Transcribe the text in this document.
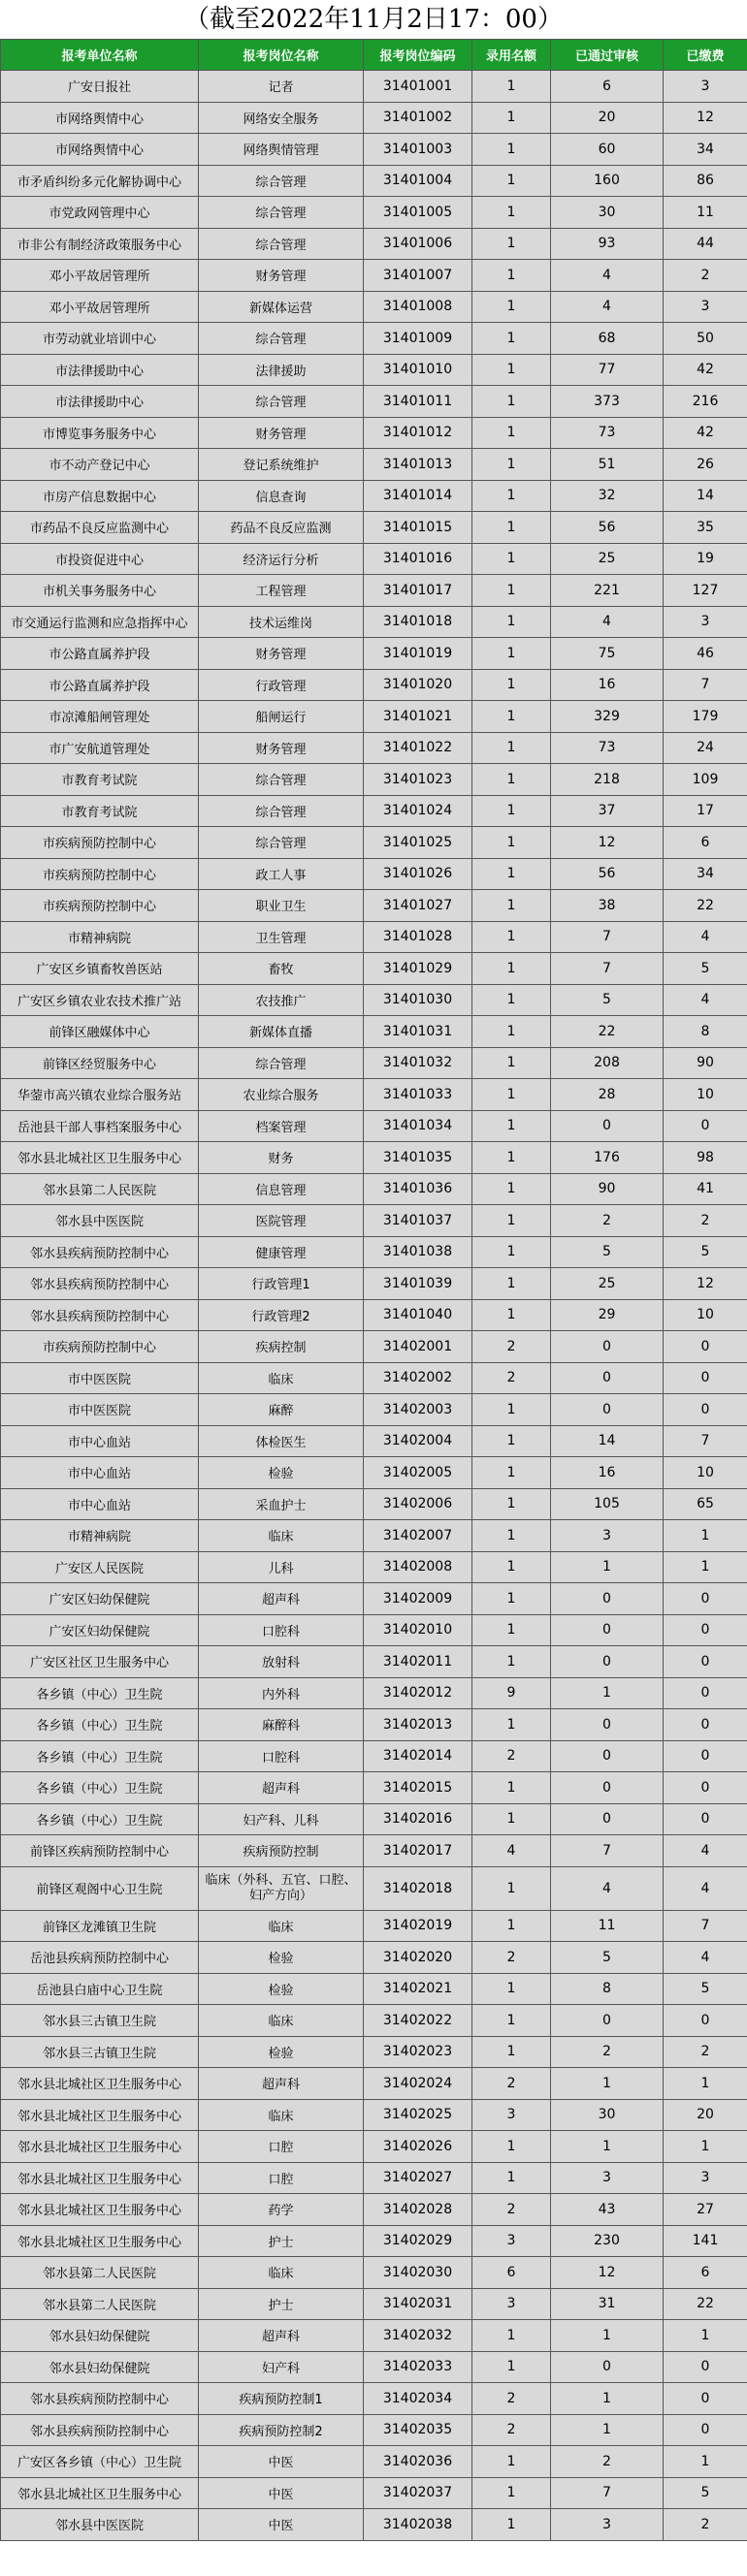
（截至2022年11月2日17：00）
报考单位名称	报考岗位名称	报考岗位编码	录用名额	已通过审核	已缴费
广安日报社	记者	31401001	1	6	3
市网络舆情中心	网络安全服务	31401002	1	20	12
市网络舆情中心	网络舆情管理	31401003	1	60	34
市矛盾纠纷多元化解协调中心	综合管理	31401004	1	160	86
市党政网管理中心	综合管理	31401005	1	30	11
市非公有制经济政策服务中心	综合管理	31401006	1	93	44
邓小平故居管理所	财务管理	31401007	1	4	2
邓小平故居管理所	新媒体运营	31401008	1	4	3
市劳动就业培训中心	综合管理	31401009	1	68	50
市法律援助中心	法律援助	31401010	1	77	42
市法律援助中心	综合管理	31401011	1	373	216
市博览事务服务中心	财务管理	31401012	1	73	42
市不动产登记中心	登记系统维护	31401013	1	51	26
市房产信息数据中心	信息查询	31401014	1	32	14
市药品不良反应监测中心	药品不良反应监测	31401015	1	56	35
市投资促进中心	经济运行分析	31401016	1	25	19
市机关事务服务中心	工程管理	31401017	1	221	127
市交通运行监测和应急指挥中心	技术运维岗	31401018	1	4	3
市公路直属养护段	财务管理	31401019	1	75	46
市公路直属养护段	行政管理	31401020	1	16	7
市凉滩船闸管理处	船闸运行	31401021	1	329	179
市广安航道管理处	财务管理	31401022	1	73	24
市教育考试院	综合管理	31401023	1	218	109
市教育考试院	综合管理	31401024	1	37	17
市疾病预防控制中心	综合管理	31401025	1	12	6
市疾病预防控制中心	政工人事	31401026	1	56	34
市疾病预防控制中心	职业卫生	31401027	1	38	22
市精神病院	卫生管理	31401028	1	7	4
广安区乡镇畜牧兽医站	畜牧	31401029	1	7	5
广安区乡镇农业农技术推广站	农技推广	31401030	1	5	4
前锋区融媒体中心	新媒体直播	31401031	1	22	8
前锋区经贸服务中心	综合管理	31401032	1	208	90
华蓥市高兴镇农业综合服务站	农业综合服务	31401033	1	28	10
岳池县干部人事档案服务中心	档案管理	31401034	1	0	0
邻水县北城社区卫生服务中心	财务	31401035	1	176	98
邻水县第二人民医院	信息管理	31401036	1	90	41
邻水县中医医院	医院管理	31401037	1	2	2
邻水县疾病预防控制中心	健康管理	31401038	1	5	5
邻水县疾病预防控制中心	行政管理1	31401039	1	25	12
邻水县疾病预防控制中心	行政管理2	31401040	1	29	10
市疾病预防控制中心	疾病控制	31402001	2	0	0
市中医医院	临床	31402002	2	0	0
市中医医院	麻醉	31402003	1	0	0
市中心血站	体检医生	31402004	1	14	7
市中心血站	检验	31402005	1	16	10
市中心血站	采血护士	31402006	1	105	65
市精神病院	临床	31402007	1	3	1
广安区人民医院	儿科	31402008	1	1	1
广安区妇幼保健院	超声科	31402009	1	0	0
广安区妇幼保健院	口腔科	31402010	1	0	0
广安区社区卫生服务中心	放射科	31402011	1	0	0
各乡镇（中心）卫生院	内外科	31402012	9	1	0
各乡镇（中心）卫生院	麻醉科	31402013	1	0	0
各乡镇（中心）卫生院	口腔科	31402014	2	0	0
各乡镇（中心）卫生院	超声科	31402015	1	0	0
各乡镇（中心）卫生院	妇产科、儿科	31402016	1	0	0
前锋区疾病预防控制中心	疾病预防控制	31402017	4	7	4
前锋区观阁中心卫生院	临床（外科、五官、口腔、妇产方向）	31402018	1	4	4
前锋区龙滩镇卫生院	临床	31402019	1	11	7
岳池县疾病预防控制中心	检验	31402020	2	5	4
岳池县白庙中心卫生院	检验	31402021	1	8	5
邻水县三古镇卫生院	临床	31402022	1	0	0
邻水县三古镇卫生院	检验	31402023	1	2	2
邻水县北城社区卫生服务中心	超声科	31402024	2	1	1
邻水县北城社区卫生服务中心	临床	31402025	3	30	20
邻水县北城社区卫生服务中心	口腔	31402026	1	1	1
邻水县北城社区卫生服务中心	口腔	31402027	1	3	3
邻水县北城社区卫生服务中心	药学	31402028	2	43	27
邻水县北城社区卫生服务中心	护士	31402029	3	230	141
邻水县第二人民医院	临床	31402030	6	12	6
邻水县第二人民医院	护士	31402031	3	31	22
邻水县妇幼保健院	超声科	31402032	1	1	1
邻水县妇幼保健院	妇产科	31402033	1	0	0
邻水县疾病预防控制中心	疾病预防控制1	31402034	2	1	0
邻水县疾病预防控制中心	疾病预防控制2	31402035	2	1	0
广安区各乡镇（中心）卫生院	中医	31402036	1	2	1
邻水县北城社区卫生服务中心	中医	31402037	1	7	5
邻水县中医医院	中医	31402038	1	3	2
